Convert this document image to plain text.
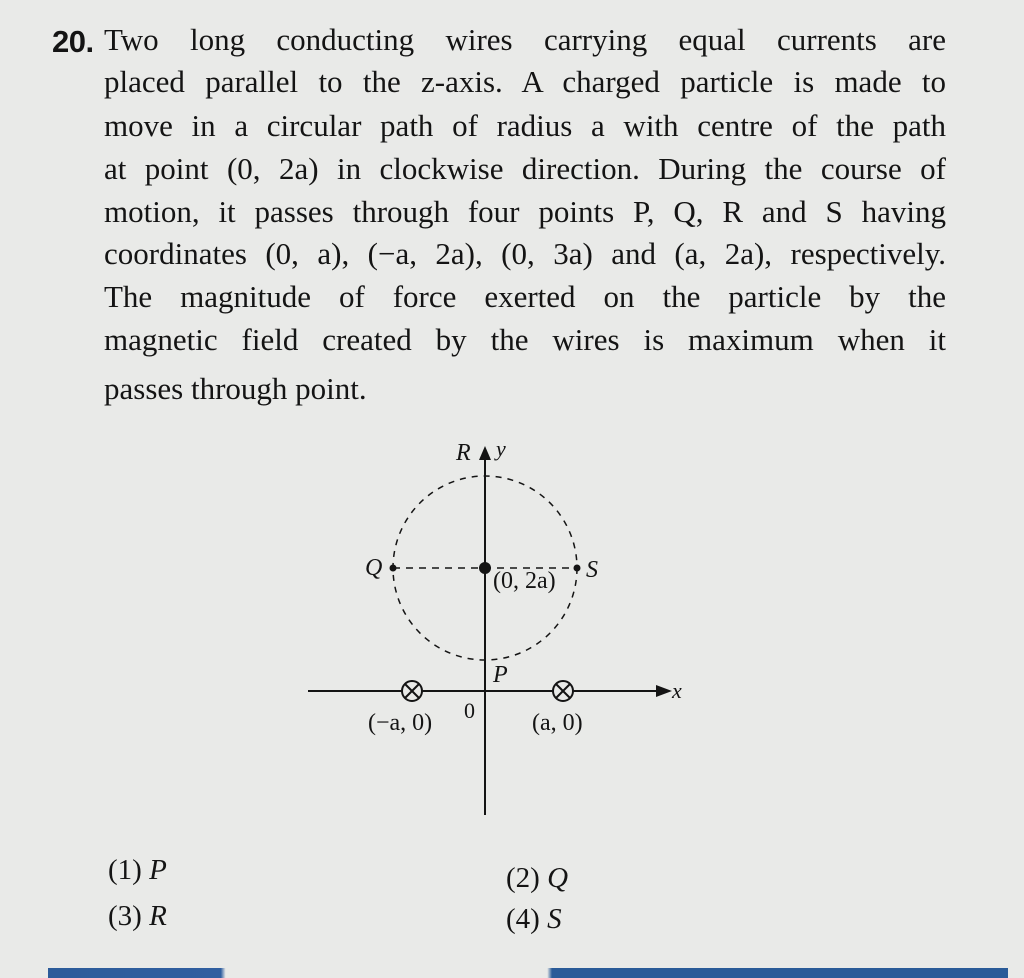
20. Two long conducting wires carrying equal currents are
placed parallel to the z-axis. A charged particle is made to
move in a circular path of radius a with centre of the path
at point (0, 2a) in clockwise direction. During the course of
motion, it passes through four points P, Q, R and S having
coordinates (0, a), (−a, 2a), (0, 3a) and (a, 2a), respectively.
The magnitude of force exerted on the particle by the
magnetic field created by the wires is maximum when it
passes through point.
R y
Q	S
(0, 2a)
P
x
0
(−a, 0)	(a, 0)
(1) P	(2) Q
(3) R	(4) S
